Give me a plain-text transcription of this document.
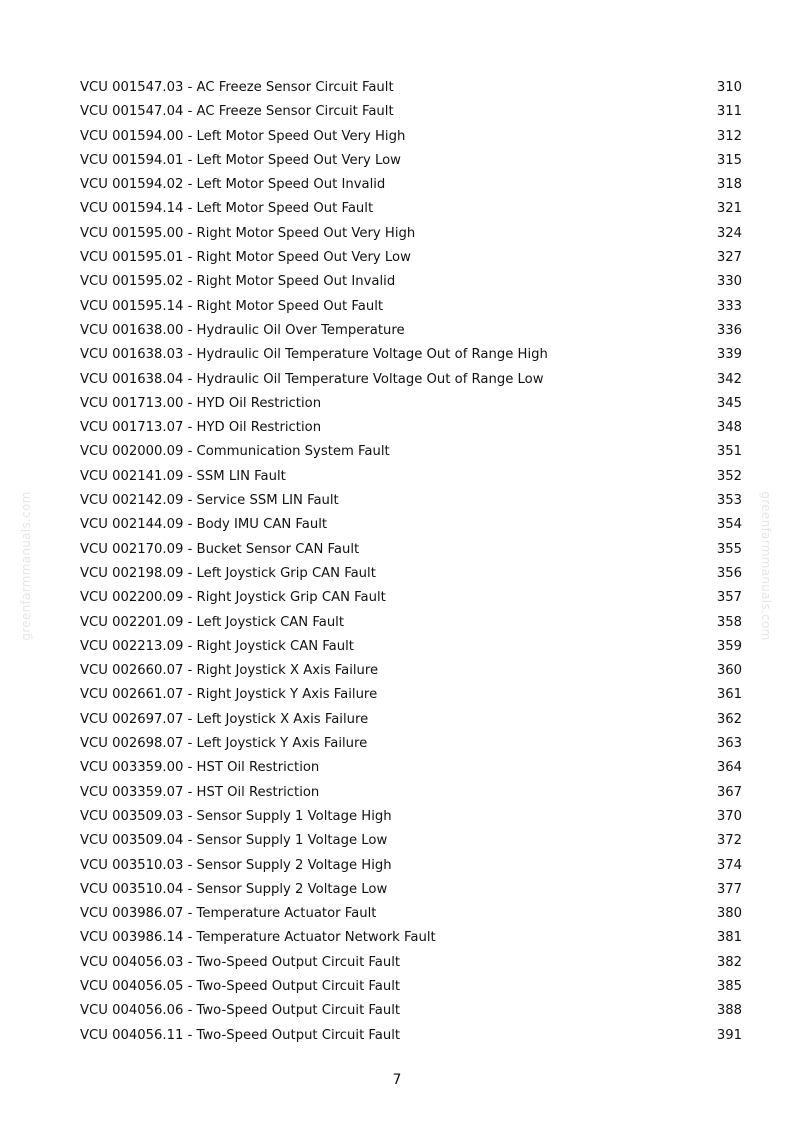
VCU 001547.03 - AC Freeze Sensor Circuit Fault	310
VCU 001547.04 - AC Freeze Sensor Circuit Fault	311
VCU 001594.00 - Left Motor Speed Out Very High	312
VCU 001594.01 - Left Motor Speed Out Very Low	315
VCU 001594.02 - Left Motor Speed Out Invalid	318
VCU 001594.14 - Left Motor Speed Out Fault	321
VCU 001595.00 - Right Motor Speed Out Very High	324
VCU 001595.01 - Right Motor Speed Out Very Low	327
VCU 001595.02 - Right Motor Speed Out Invalid	330
VCU 001595.14 - Right Motor Speed Out Fault	333
VCU 001638.00 - Hydraulic Oil Over Temperature	336
VCU 001638.03 - Hydraulic Oil Temperature Voltage Out of Range High	339
VCU 001638.04 - Hydraulic Oil Temperature Voltage Out of Range Low	342
VCU 001713.00 - HYD Oil Restriction	345
VCU 001713.07 - HYD Oil Restriction	348
VCU 002000.09 - Communication System Fault	351
VCU 002141.09 - SSM LIN Fault	352
VCU 002142.09 - Service SSM LIN Fault	353
VCU 002144.09 - Body IMU CAN Fault	354
VCU 002170.09 - Bucket Sensor CAN Fault	355
VCU 002198.09 - Left Joystick Grip CAN Fault	356
VCU 002200.09 - Right Joystick Grip CAN Fault	357
VCU 002201.09 - Left Joystick CAN Fault	358
VCU 002213.09 - Right Joystick CAN Fault	359
VCU 002660.07 - Right Joystick X Axis Failure	360
VCU 002661.07 - Right Joystick Y Axis Failure	361
VCU 002697.07 - Left Joystick X Axis Failure	362
VCU 002698.07 - Left Joystick Y Axis Failure	363
VCU 003359.00 - HST Oil Restriction	364
VCU 003359.07 - HST Oil Restriction	367
VCU 003509.03 - Sensor Supply 1 Voltage High	370
VCU 003509.04 - Sensor Supply 1 Voltage Low	372
VCU 003510.03 - Sensor Supply 2 Voltage High	374
VCU 003510.04 - Sensor Supply 2 Voltage Low	377
VCU 003986.07 - Temperature Actuator Fault	380
VCU 003986.14 - Temperature Actuator Network Fault	381
VCU 004056.03 - Two-Speed Output Circuit Fault	382
VCU 004056.05 - Two-Speed Output Circuit Fault	385
VCU 004056.06 - Two-Speed Output Circuit Fault	388
VCU 004056.11 - Two-Speed Output Circuit Fault	391
greenfarmmanuals.com	greenfarmmanuals.com
7
